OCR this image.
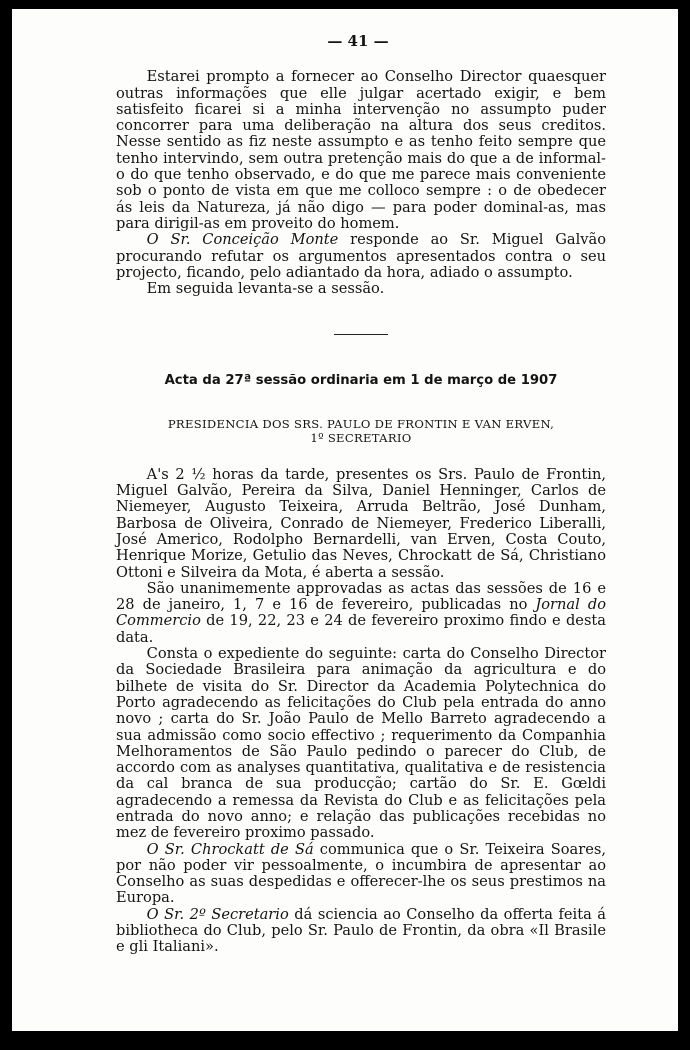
— 41 —

Estarei prompto a fornecer ao Conselho Director quaesquer outras informações que elle julgar acertado exigir, e bem satisfeito ficarei si a minha intervenção no assumpto puder concorrer para uma deliberação na altura dos seus creditos. Nesse sentido as fiz neste assumpto e as tenho feito sempre que tenho intervindo, sem outra pretenção mais do que a de informal-o do que tenho observado, e do que me parece mais conveniente sob o ponto de vista em que me colloco sempre : o de obedecer ás leis da Natureza, já não digo — para poder dominal-as, mas para dirigil-as em proveito do homem.

O Sr. Conceição Monte responde ao Sr. Miguel Galvão procurando refutar os argumentos apresentados contra o seu projecto, ficando, pelo adiantado da hora, adiado o assumpto.

Em seguida levanta-se a sessão.

Acta da 27ª sessão ordinaria em 1 de março de 1907
PRESIDENCIA DOS SRS. PAULO DE FRONTIN E VAN ERVEN,
1º SECRETARIO

A's 2 ½ horas da tarde, presentes os Srs. Paulo de Frontin, Miguel Galvão, Pereira da Silva, Daniel Henninger, Carlos de Niemeyer, Augusto Teixeira, Arruda Beltrão, José Dunham, Barbosa de Oliveira, Conrado de Niemeyer, Frederico Liberalli, José Americo, Rodolpho Bernardelli, van Erven, Costa Couto, Henrique Morize, Getulio das Neves, Chrockatt de Sá, Christiano Ottoni e Silveira da Mota, é aberta a sessão.

São unanimemente approvadas as actas das sessões de 16 e 28 de janeiro, 1, 7 e 16 de fevereiro, publicadas no Jornal do Commercio de 19, 22, 23 e 24 de fevereiro proximo findo e desta data.

Consta o expediente do seguinte: carta do Conselho Director da Sociedade Brasileira para animação da agricultura e do bilhete de visita do Sr. Director da Academia Polytechnica do Porto agradecendo as felicitações do Club pela entrada do anno novo ; carta do Sr. João Paulo de Mello Barreto agradecendo a sua admissão como socio effectivo ; requerimento da Companhia Melhoramentos de São Paulo pedindo o parecer do Club, de accordo com as analyses quantitativa, qualitativa e de resistencia da cal branca de sua producção; cartão do Sr. E. Gœldi agradecendo a remessa da Revista do Club e as felicitações pela entrada do novo anno; e relação das publicações recebidas no mez de fevereiro proximo passado.

O Sr. Chrockatt de Sá communica que o Sr. Teixeira Soares, por não poder vir pessoalmente, o incumbira de apresentar ao Conselho as suas despedidas e offerecer-lhe os seus prestimos na Europa.

O Sr. 2º Secretario dá sciencia ao Conselho da offerta feita á bibliotheca do Club, pelo Sr. Paulo de Frontin, da obra «Il Brasile e gli Italiani».
